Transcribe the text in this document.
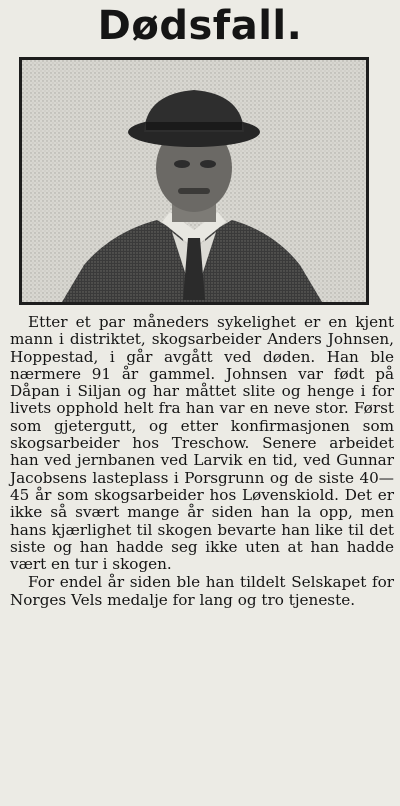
Dødsfall.

Etter et par måneders sykelighet er en kjent mann i distriktet, skogsarbeider Anders Johnsen, Hoppestad, i går avgått ved døden. Han ble nærmere 91 år gammel. Johnsen var født på Dåpan i Siljan og har måttet slite og henge i for livets opphold helt fra han var en neve stor. Først som gjetergutt, og etter konfirmasjonen som skogsarbeider hos Treschow. Senere arbeidet han ved jernbanen ved Larvik en tid, ved Gunnar Jacobsens lasteplass i Porsgrunn og de siste 40—45 år som skogsarbeider hos Løvenskiold. Det er ikke så svært mange år siden han la opp, men hans kjærlighet til skogen bevarte han like til det siste og han hadde seg ikke uten at han hadde vært en tur i skogen.

For endel år siden ble han tildelt Selskapet for Norges Vels medalje for lang og tro tjeneste.
